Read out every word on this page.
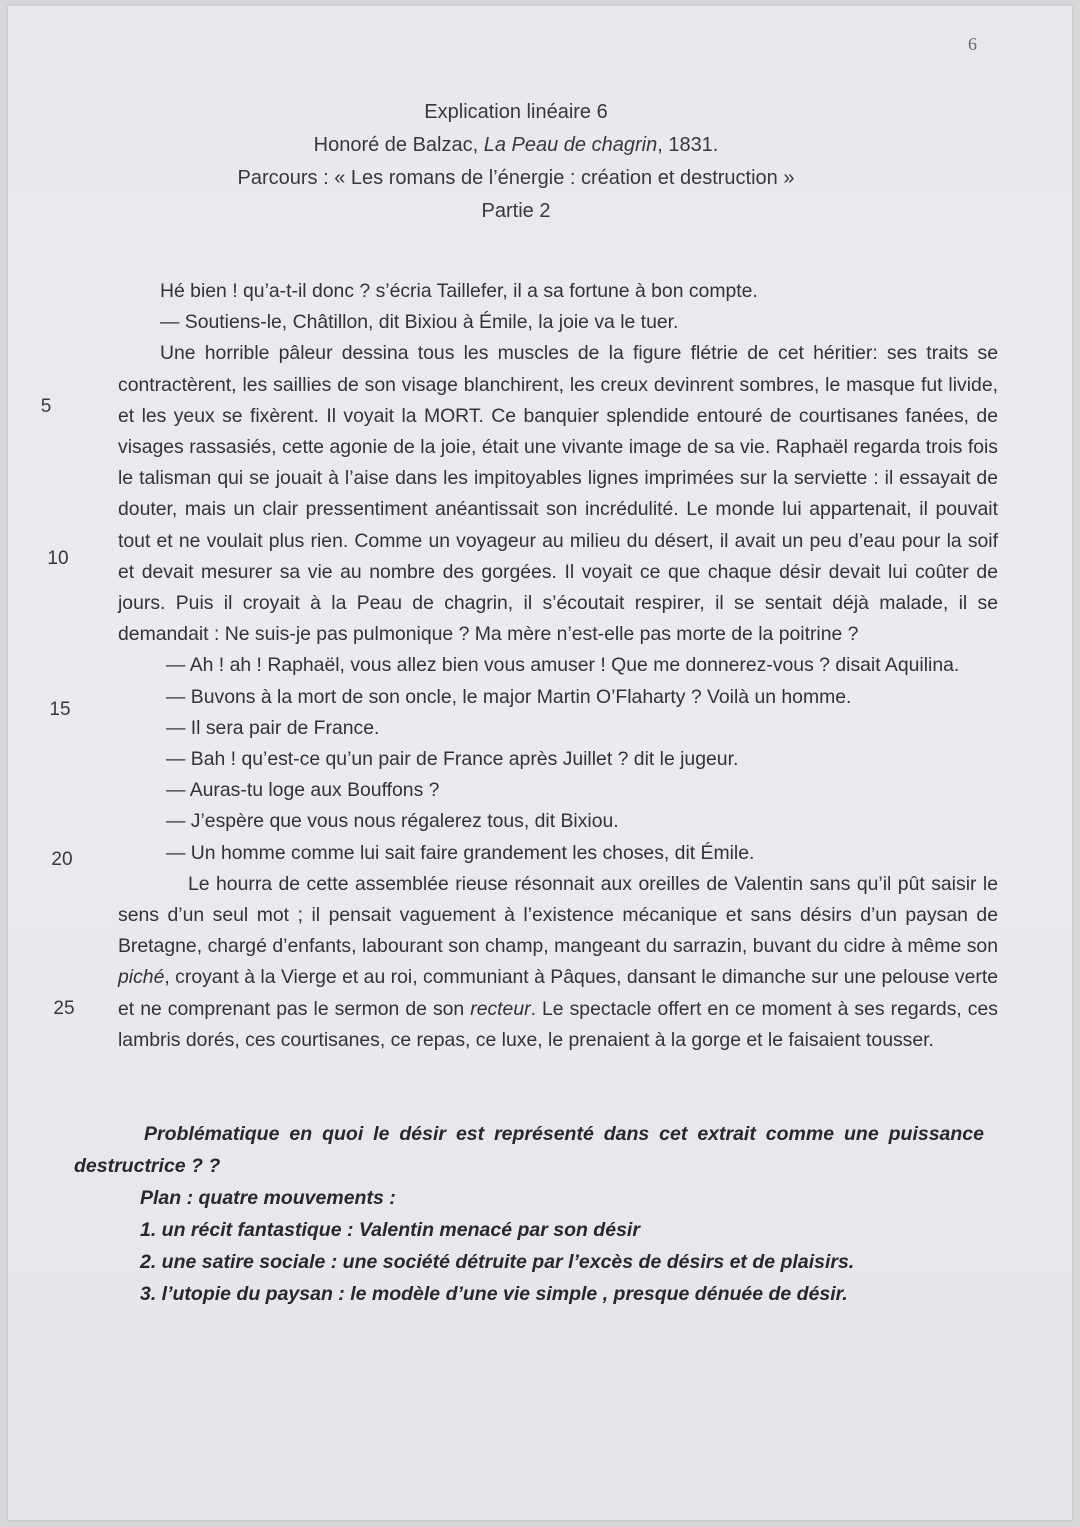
6
Explication linéaire 6
Honoré de Balzac, La Peau de chagrin, 1831.
Parcours : « Les romans de l’énergie : création et destruction »
Partie 2
5
10
15
20
25

Hé bien ! qu’a-t-il donc ? s’écria Taillefer, il a sa fortune à bon compte.

— Soutiens-le, Châtillon, dit Bixiou à Émile, la joie va le tuer.

Une horrible pâleur dessina tous les muscles de la figure flétrie de cet héritier: ses traits se contractèrent, les saillies de son visage blanchirent, les creux devinrent sombres, le masque fut livide, et les yeux se fixèrent. Il voyait la MORT. Ce banquier splendide entouré de courtisanes fanées, de visages rassasiés, cette agonie de la joie, était une vivante image de sa vie. Raphaël regarda trois fois le talisman qui se jouait à l’aise dans les impitoyables lignes imprimées sur la serviette : il essayait de douter, mais un clair pressentiment anéantissait son incrédulité. Le monde lui appartenait, il pouvait tout et ne voulait plus rien. Comme un voyageur au milieu du désert, il avait un peu d’eau pour la soif et devait mesurer sa vie au nombre des gorgées. Il voyait ce que chaque désir devait lui coûter de jours. Puis il croyait à la Peau de chagrin, il s’écoutait respirer, il se sentait déjà malade, il se demandait : Ne suis-je pas pulmonique ? Ma mère n’est-elle pas morte de la poitrine ?

— Ah ! ah ! Raphaël, vous allez bien vous amuser ! Que me donnerez-vous ? disait Aquilina.

— Buvons à la mort de son oncle, le major Martin O’Flaharty ? Voilà un homme.

— Il sera pair de France.

— Bah ! qu’est-ce qu’un pair de France après Juillet ? dit le jugeur.

— Auras-tu loge aux Bouffons ?

— J’espère que vous nous régalerez tous, dit Bixiou.

— Un homme comme lui sait faire grandement les choses, dit Émile.

Le hourra de cette assemblée rieuse résonnait aux oreilles de Valentin sans qu’il pût saisir le sens d’un seul mot ; il pensait vaguement à l’existence mécanique et sans désirs d’un paysan de Bretagne, chargé d’enfants, labourant son champ, mangeant du sarrazin, buvant du cidre à même son piché, croyant à la Vierge et au roi, communiant à Pâques, dansant le dimanche sur une pelouse verte et ne comprenant pas le sermon de son recteur. Le spectacle offert en ce moment à ses regards, ces lambris dorés, ces courtisanes, ce repas, ce luxe, le prenaient à la gorge et le faisaient tousser.

Problématique en quoi le désir est représenté dans cet extrait comme une puissance destructrice ? ?

Plan : quatre mouvements :

1. un récit fantastique : Valentin menacé par son désir

2. une satire sociale : une société détruite par l’excès de désirs et de plaisirs.

3. l’utopie du paysan : le modèle d’une vie simple , presque dénuée de désir.
